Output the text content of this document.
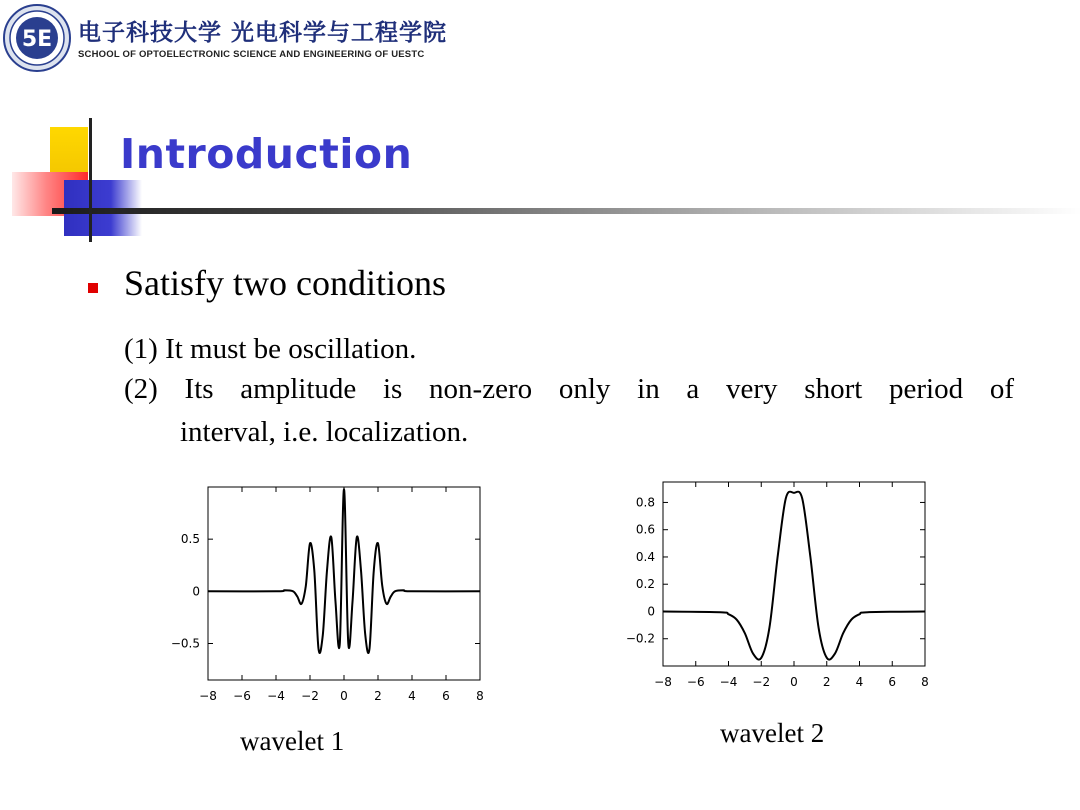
5E 电子科技大学 光电科学与工程学院
SCHOOL OF OPTOELECTRONIC SCIENCE AND ENGINEERING OF UESTC
Introduction
Satisfy two conditions
(1) It must be oscillation.
(2) Its amplitude is non-zero only in a very short period of
interval, i.e. localization.
−8 −6 −4 −2 0 2 4 6 8
0.5
0
−0.5
wavelet 1
−8 −6 −4 −2 0 2 4 6 8
0.8
0.6
0.4
0.2
0
−0.2
wavelet 2
